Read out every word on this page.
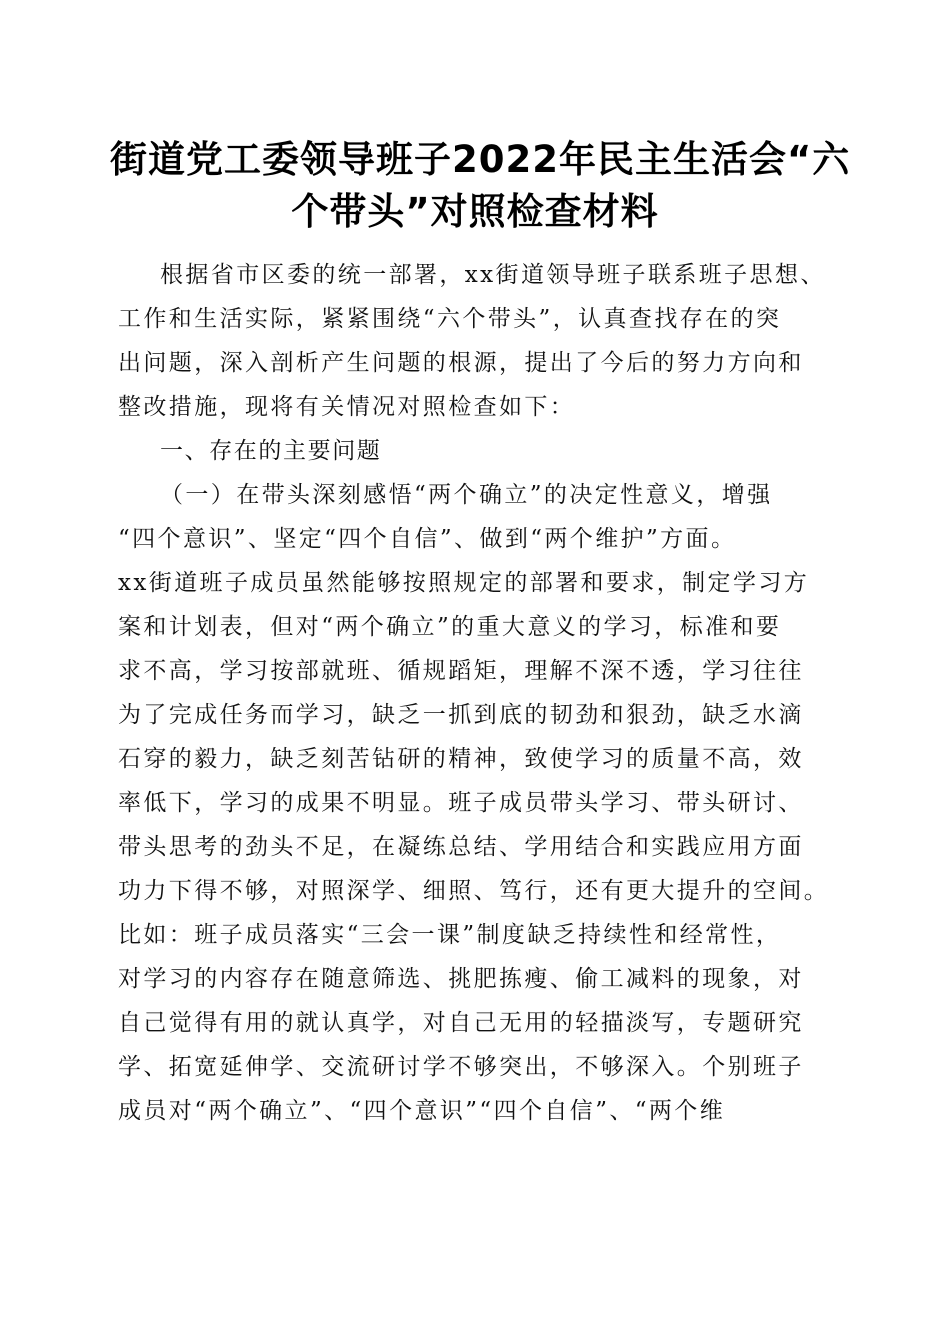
街道党工委领导班子2022年民主生活会“六
个带头”对照检查材料
根据省市区委的统一部署，xx街道领导班子联系班子思想、
工作和生活实际，紧紧围绕“六个带头”，认真查找存在的突
出问题，深入剖析产生问题的根源，提出了今后的努力方向和
整改措施，现将有关情况对照检查如下：
一、存在的主要问题
（一）在带头深刻感悟“两个确立”的决定性意义，增强
“四个意识”、坚定“四个自信”、做到“两个维护”方面。
xx街道班子成员虽然能够按照规定的部署和要求，制定学习方
案和计划表，但对“两个确立”的重大意义的学习，标准和要
求不高，学习按部就班、循规蹈矩，理解不深不透，学习往往
为了完成任务而学习，缺乏一抓到底的韧劲和狠劲，缺乏水滴
石穿的毅力，缺乏刻苦钻研的精神，致使学习的质量不高，效
率低下，学习的成果不明显。班子成员带头学习、带头研讨、
带头思考的劲头不足，在凝练总结、学用结合和实践应用方面
功力下得不够，对照深学、细照、笃行，还有更大提升的空间。
比如：班子成员落实“三会一课”制度缺乏持续性和经常性，
对学习的内容存在随意筛选、挑肥拣瘦、偷工减料的现象，对
自己觉得有用的就认真学，对自己无用的轻描淡写，专题研究
学、拓宽延伸学、交流研讨学不够突出，不够深入。个别班子
成员对“两个确立”、“四个意识”“四个自信”、“两个维
